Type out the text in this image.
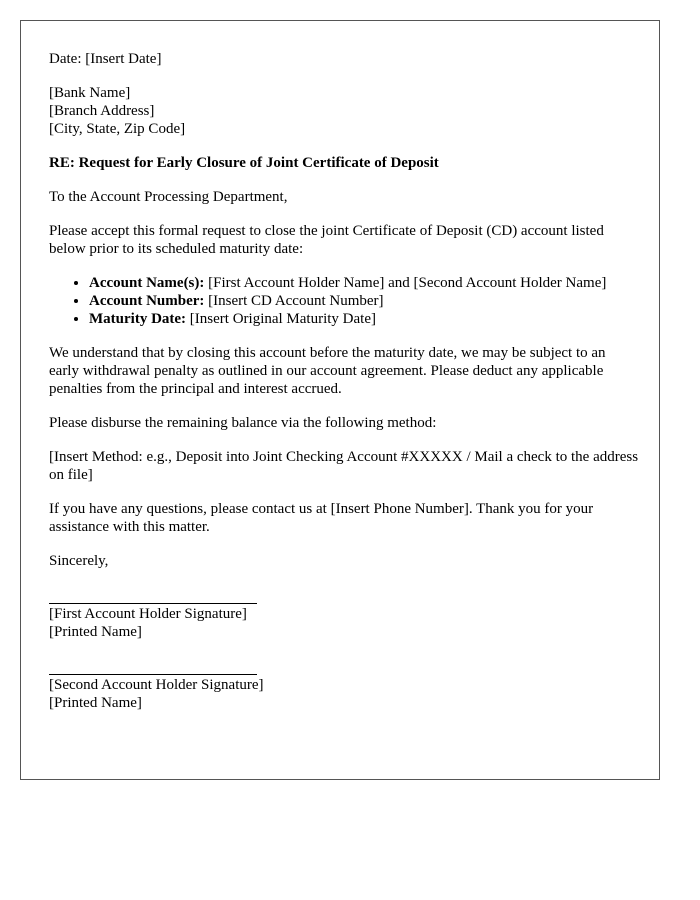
Date: [Insert Date]

[Bank Name]
[Branch Address]
[City, State, Zip Code]

RE: Request for Early Closure of Joint Certificate of Deposit

To the Account Processing Department,

Please accept this formal request to close the joint Certificate of Deposit (CD) account listed below prior to its scheduled maturity date:

• Account Name(s): [First Account Holder Name] and [Second Account Holder Name]
• Account Number: [Insert CD Account Number]
• Maturity Date: [Insert Original Maturity Date]

We understand that by closing this account before the maturity date, we may be subject to an early withdrawal penalty as outlined in our account agreement. Please deduct any applicable penalties from the principal and interest accrued.

Please disburse the remaining balance via the following method:

[Insert Method: e.g., Deposit into Joint Checking Account #XXXXX / Mail a check to the address on file]

If you have any questions, please contact us at [Insert Phone Number]. Thank you for your assistance with this matter.

Sincerely,

[First Account Holder Signature]
[Printed Name]
[Second Account Holder Signature]
[Printed Name]
